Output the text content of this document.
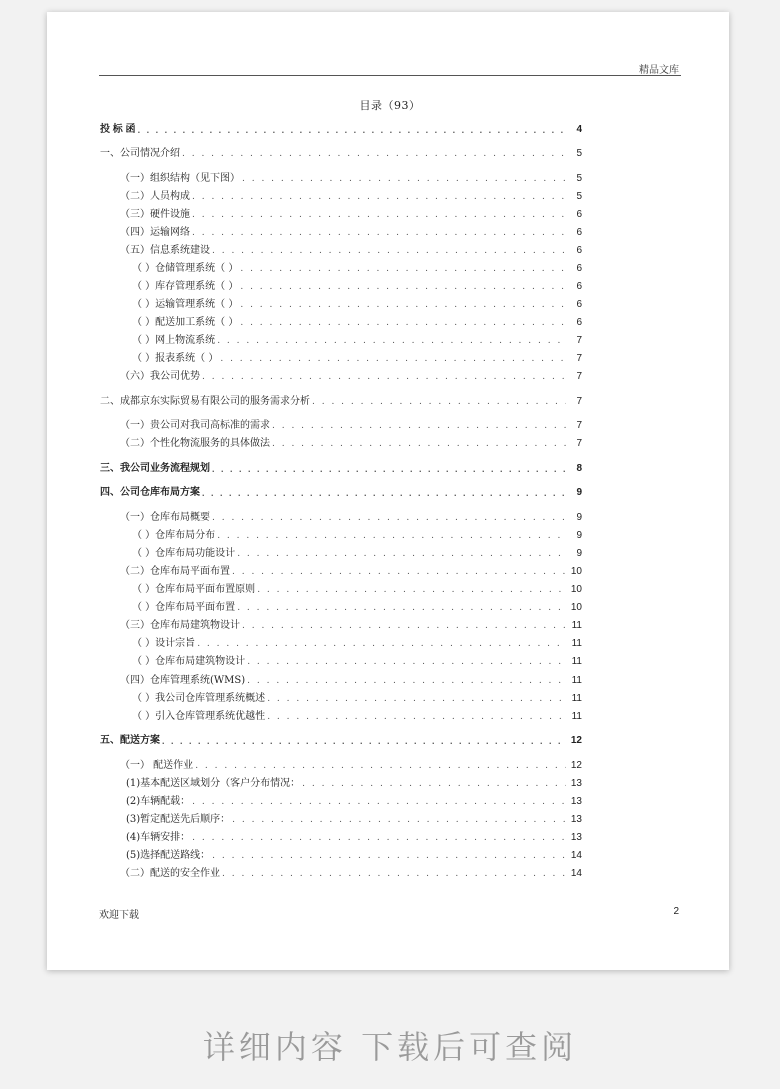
精品文库
目录（93）
投 标 函 . . .	4
一、公司情况介绍 . . .	5
（一）组织结构（见下图） . . .	5
（二）人员构成 . . .	5
（三）硬件设施 . . .	6
（四）运输网络 . . .	6
（五）信息系统建设 . . .	6
（ ）仓储管理系统（ ） . . .	6
（ ）库存管理系统（ ） . . .	6
（ ）运输管理系统（ ） . . .	6
（ ）配送加工系统（ ） . . .	6
（ ）网上物流系统 . . .	7
（ ）报表系统（ ） . . .	7
（六）我公司优势 . . .	7
二、成都京东实际贸易有限公司的服务需求分析 . . .	7
（一）贵公司对我司高标准的需求 . . .	7
（二）个性化物流服务的具体做法 . . .	7
三、我公司业务流程规划 . . .	8
四、公司仓库布局方案 . . .	9
（一）仓库布局概要 . . .	9
（ ）仓库布局分布 . . .	9
（ ）仓库布局功能设计 . . .	9
（二）仓库布局平面布置 . . .	10
（ ）仓库布局平面布置原则 . . .	10
（ ）仓库布局平面布置 . . .	10
（三）仓库布局建筑物设计 . . .	11
（ ）设计宗旨 . . .	11
（ ）仓库布局建筑物设计 . . .	11
（四）仓库管理系统(WMS) . . .	11
（ ）我公司仓库管理系统概述 . . .	11
（ ）引入仓库管理系统优越性 . . .	11
五、配送方案 . . .	12
（一） 配送作业 . . .	12
(1)基本配送区域划分（客户分布情况： . . .	13
(2)车辆配载： . . .	13
(3)暂定配送先后顺序： . . .	13
(4)车辆安排： . . .	13
(5)选择配送路线： . . .	14
（二）配送的安全作业 . . .	14
欢迎下载	2
详细内容 下载后可查阅
